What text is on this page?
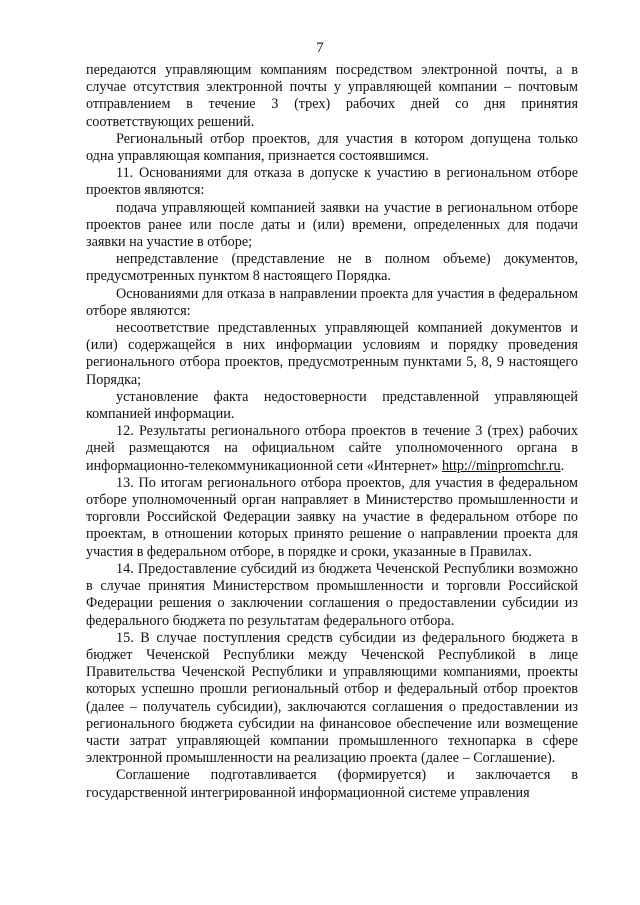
7

передаются управляющим компаниям посредством электронной почты, а в случае отсутствия электронной почты у управляющей компании – почтовым отправлением в течение 3 (трех) рабочих дней со дня принятия соответствующих решений.

Региональный отбор проектов, для участия в котором допущена только одна управляющая компания, признается состоявшимся.

11. Основаниями для отказа в допуске к участию в региональном отборе проектов являются:

подача управляющей компанией заявки на участие в региональном отборе проектов ранее или после даты и (или) времени, определенных для подачи заявки на участие в отборе;

непредставление (представление не в полном объеме) документов, предусмотренных пунктом 8 настоящего Порядка.

Основаниями для отказа в направлении проекта для участия в федеральном отборе являются:

несоответствие представленных управляющей компанией документов и (или) содержащейся в них информации условиям и порядку проведения регионального отбора проектов, предусмотренным пунктами 5, 8, 9 настоящего Порядка;

установление факта недостоверности представленной управляющей компанией информации.

12. Результаты регионального отбора проектов в течение 3 (трех) рабочих дней размещаются на официальном сайте уполномоченного органа в информационно-телекоммуникационной сети «Интернет» http://minpromchr.ru.

13. По итогам регионального отбора проектов, для участия в федеральном отборе уполномоченный орган направляет в Министерство промышленности и торговли Российской Федерации заявку на участие в федеральном отборе по проектам, в отношении которых принято решение о направлении проекта для участия в федеральном отборе, в порядке и сроки, указанные в Правилах.

14. Предоставление субсидий из бюджета Чеченской Республики возможно в случае принятия Министерством промышленности и торговли Российской Федерации решения о заключении соглашения о предоставлении субсидии из федерального бюджета по результатам федерального отбора.

15. В случае поступления средств субсидии из федерального бюджета в бюджет Чеченской Республики между Чеченской Республикой в лице Правительства Чеченской Республики и управляющими компаниями, проекты которых успешно прошли региональный отбор и федеральный отбор проектов (далее – получатель субсидии), заключаются соглашения о предоставлении из регионального бюджета субсидии на финансовое обеспечение или возмещение части затрат управляющей компании промышленного технопарка в сфере электронной промышленности на реализацию проекта (далее – Соглашение).

Соглашение подготавливается (формируется) и заключается в государственной интегрированной информационной системе управления
